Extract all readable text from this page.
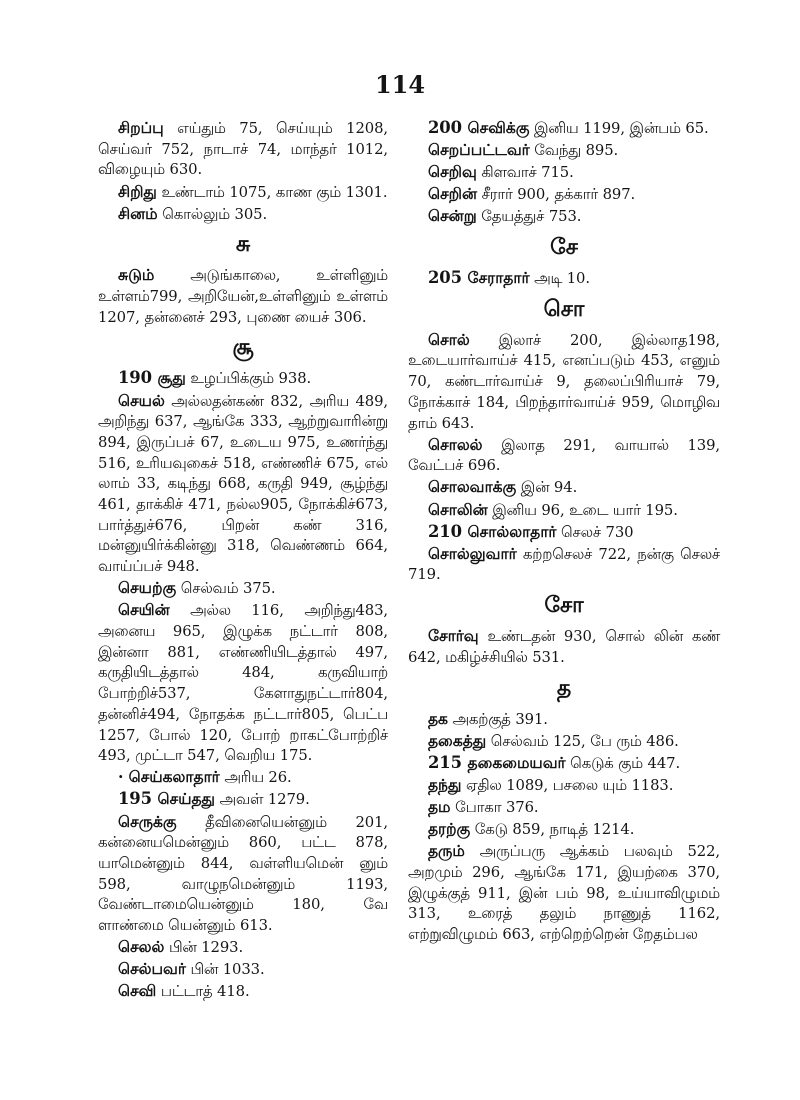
114
சிறப்பு எய்தும் 75, செய்யும் 1208, செய்வர் 752, நாடாச் 74, மாந்தர் 1012, விழையும் 630.
சிறிது உண்டாம் 1075, காண கும் 1301.
சினம் கொல்லும் 305.
சு
சுடும் அடுங்காலை, உள்ளினும் உள்ளம்799, அறியேன்,உள்ளினும் உள்ளம் 1207, தன்னைச் 293, புணை யைச் 306.
சூ
190 சூது உழப்பிக்கும் 938.
செயல் அல்லதன்கண் 832, அரிய 489, அறிந்து 637, ஆங்கே 333, ஆற்றுவாரின்று 894, இருப்பச் 67, உடைய 975, உணர்ந்து 516, உரியவுகைச் 518, எண்ணிச் 675, எல் லாம் 33, கடிந்து 668, கருதி 949, சூழ்ந்து 461, தாக்கிச் 471, நல்ல905, நோக்கிச்673, பார்த்துச்676, பிறன் கண் 316, மன்னுயிர்க்கின்னு 318, வெண்ணம் 664, வாய்ப்பச் 948.
செயற்கு செல்வம் 375.
செயின் அல்ல 116, அறிந்து483, அனைய 965, இழுக்க நட்டார் 808, இன்னா 881, எண்ணியிடத்தால் 497, கருதியிடத்தால் 484, கருவியாற் போற்றிச்537, கேளாதுநட்டார்804, தன்னிச்494, நோதக்க நட்டார்805, பெட்ப 1257, போல் 120, போற் றாகட்போற்றிச் 493, முட்டா 547, வெறிய 175.
· செய்கலாதார் அரிய 26.
195 செய்தது அவள் 1279.
செருக்கு தீவினையென்னும் 201, கன்னையமென்னும் 860, பட்ட 878, யாமென்னும் 844, வள்ளியமென் னும் 598, வாழுநமென்னும் 1193, வேண்டாமையென்னும் 180, வே ளாண்மை யென்னும் 613.
செலல் பின் 1293.
செல்பவர் பின் 1033.
செவி பட்டாத் 418.
200 செவிக்கு இனிய 1199, இன்பம் 65.
செறப்பட்டவர் வேந்து 895.
செறிவு கிளவாச் 715.
செறின் சீரார் 900, தக்கார் 897.
சென்று தேயத்துச் 753.
சே
205 சேராதார் அடி 10.
சொ
சொல் இலாச் 200, இல்லாத198, உடையார்வாய்ச் 415, எனப்படும் 453, எனும் 70, கண்டார்வாய்ச் 9, தலைப்பிரியாச் 79, நோக்காச் 184, பிறந்தார்வாய்ச் 959, மொழிவ தாம் 643.
சொலல் இலாத 291, வாயால் 139, வேட்பச் 696.
சொலவாக்கு இன் 94.
சொலின் இனிய 96, உடை யார் 195.
210 சொல்லாதார் செலச் 730
சொல்லுவார் கற்றசெலச் 722, நன்கு செலச் 719.
சோ
சோர்வு உண்டதன் 930, சொல் லின் கண் 642, மகிழ்ச்சியில் 531.
த
தக அகற்குத் 391.
தகைத்து செல்வம் 125, பே ரும் 486.
215 தகைமையவர் கெடுக் கும் 447.
தந்து ஏதில 1089, பசலை யும் 1183.
தம போகா 376.
தரற்கு கேடு 859, நாடித் 1214.
தரும் அருப்பரு ஆக்கம் பலவும் 522, அறமும் 296, ஆங்கே 171, இயற்கை 370, இழுக்குத் 911, இன் பம் 98, உய்யாவிழுமம் 313, உரைத் தலும் நாணுத் 1162, எற்றுவிழுமம் 663, எற்றெற்றென் றேதம்பல
